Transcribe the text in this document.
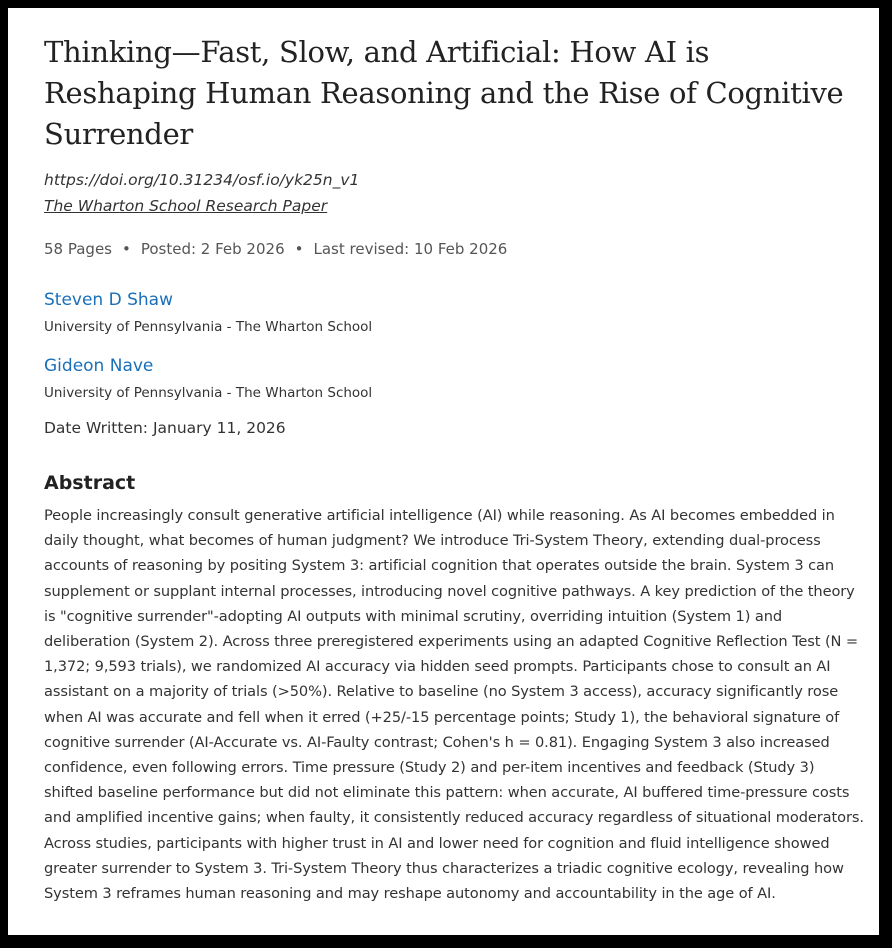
Thinking—Fast, Slow, and Artificial: How AI is Reshaping Human Reasoning and the Rise of Cognitive Surrender
https://doi.org/10.31234/osf.io/yk25n_v1
The Wharton School Research Paper
58 Pages • Posted: 2 Feb 2026 • Last revised: 10 Feb 2026
Steven D Shaw
University of Pennsylvania - The Wharton School
Gideon Nave
University of Pennsylvania - The Wharton School
Date Written: January 11, 2026
Abstract

People increasingly consult generative artificial intelligence (AI) while reasoning. As AI becomes embedded in daily thought, what becomes of human judgment? We introduce Tri-System Theory, extending dual-process accounts of reasoning by positing System 3: artificial cognition that operates outside the brain. System 3 can supplement or supplant internal processes, introducing novel cognitive pathways. A key prediction of the theory is "cognitive surrender"-adopting AI outputs with minimal scrutiny, overriding intuition (System 1) and deliberation (System 2). Across three preregistered experiments using an adapted Cognitive Reflection Test (N = 1,372; 9,593 trials), we randomized AI accuracy via hidden seed prompts. Participants chose to consult an AI assistant on a majority of trials (>50%). Relative to baseline (no System 3 access), accuracy significantly rose when AI was accurate and fell when it erred (+25/-15 percentage points; Study 1), the behavioral signature of cognitive surrender (AI-Accurate vs. AI-Faulty contrast; Cohen's h = 0.81). Engaging System 3 also increased confidence, even following errors. Time pressure (Study 2) and per-item incentives and feedback (Study 3) shifted baseline performance but did not eliminate this pattern: when accurate, AI buffered time-pressure costs and amplified incentive gains; when faulty, it consistently reduced accuracy regardless of situational moderators. Across studies, participants with higher trust in AI and lower need for cognition and fluid intelligence showed greater surrender to System 3. Tri-System Theory thus characterizes a triadic cognitive ecology, revealing how System 3 reframes human reasoning and may reshape autonomy and accountability in the age of AI.
